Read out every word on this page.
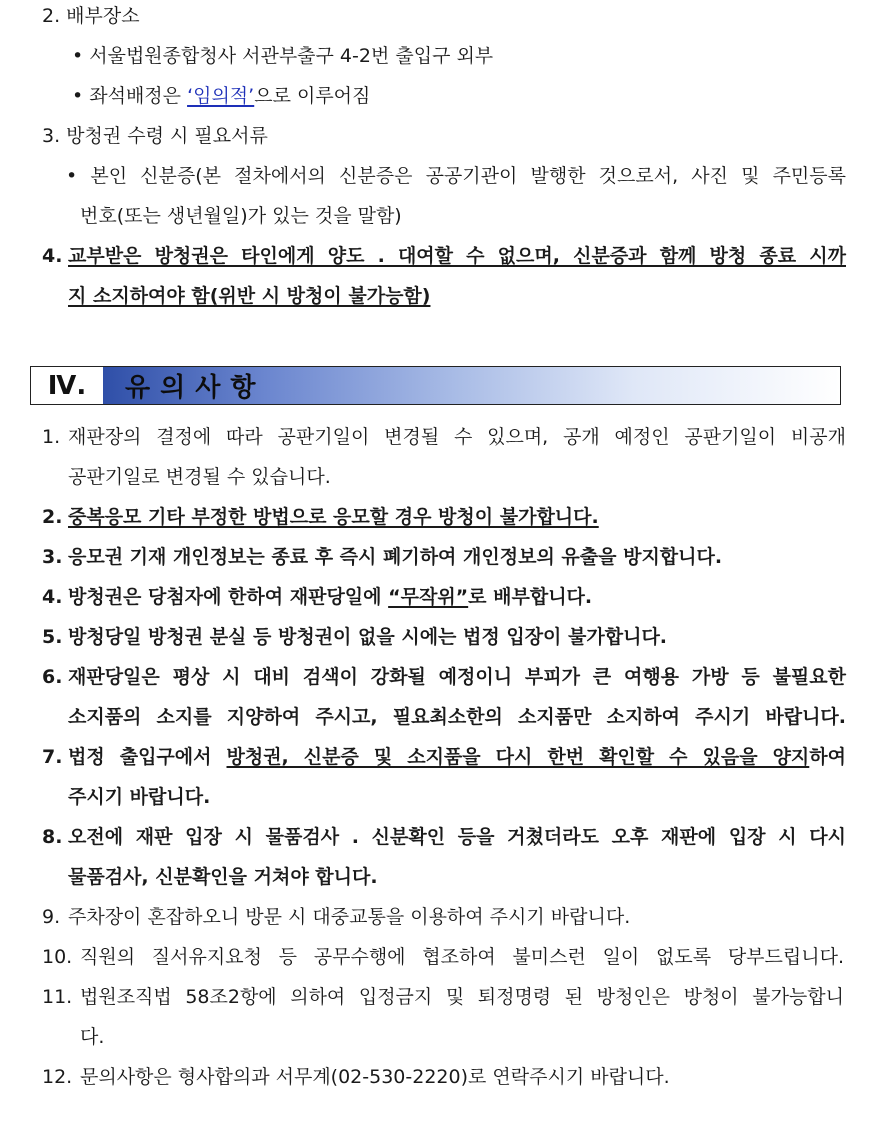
2. 배부장소
• 서울법원종합청사 서관부출구 4-2번 출입구 외부
• 좌석배정은 ‘임의적’으로 이루어짐
3. 방청권 수령 시 필요서류
• 본인 신분증(본 절차에서의 신분증은 공공기관이 발행한 것으로서, 사진 및 주민등록
번호(또는 생년월일)가 있는 것을 말함)
4. 교부받은 방청권은 타인에게 양도 . 대여할 수 없으며, 신분증과 함께 방청 종료 시까
지 소지하여야 함(위반 시 방청이 불가능함)
Ⅳ.	유의사항
1. 재판장의 결정에 따라 공판기일이 변경될 수 있으며, 공개 예정인 공판기일이 비공개
공판기일로 변경될 수 있습니다.
2. 중복응모 기타 부정한 방법으로 응모할 경우 방청이 불가합니다.
3. 응모권 기재 개인정보는 종료 후 즉시 폐기하여 개인정보의 유출을 방지합니다.
4. 방청권은 당첨자에 한하여 재판당일에 “무작위”로 배부합니다.
5. 방청당일 방청권 분실 등 방청권이 없을 시에는 법정 입장이 불가합니다.
6. 재판당일은 평상 시 대비 검색이 강화될 예정이니 부피가 큰 여행용 가방 등 불필요한
소지품의 소지를 지양하여 주시고, 필요최소한의 소지품만 소지하여 주시기 바랍니다.
7. 법정 출입구에서 방청권, 신분증 및 소지품을 다시 한번 확인할 수 있음을 양지하여
주시기 바랍니다.
8. 오전에 재판 입장 시 물품검사 . 신분확인 등을 거쳤더라도 오후 재판에 입장 시 다시
물품검사, 신분확인을 거쳐야 합니다.
9. 주차장이 혼잡하오니 방문 시 대중교통을 이용하여 주시기 바랍니다.
10. 직원의 질서유지요청 등 공무수행에 협조하여 불미스런 일이 없도록 당부드립니다.
11. 법원조직법 58조2항에 의하여 입정금지 및 퇴정명령 된 방청인은 방청이 불가능합니
다.
12. 문의사항은 형사합의과 서무계(02-530-2220)로 연락주시기 바랍니다.
